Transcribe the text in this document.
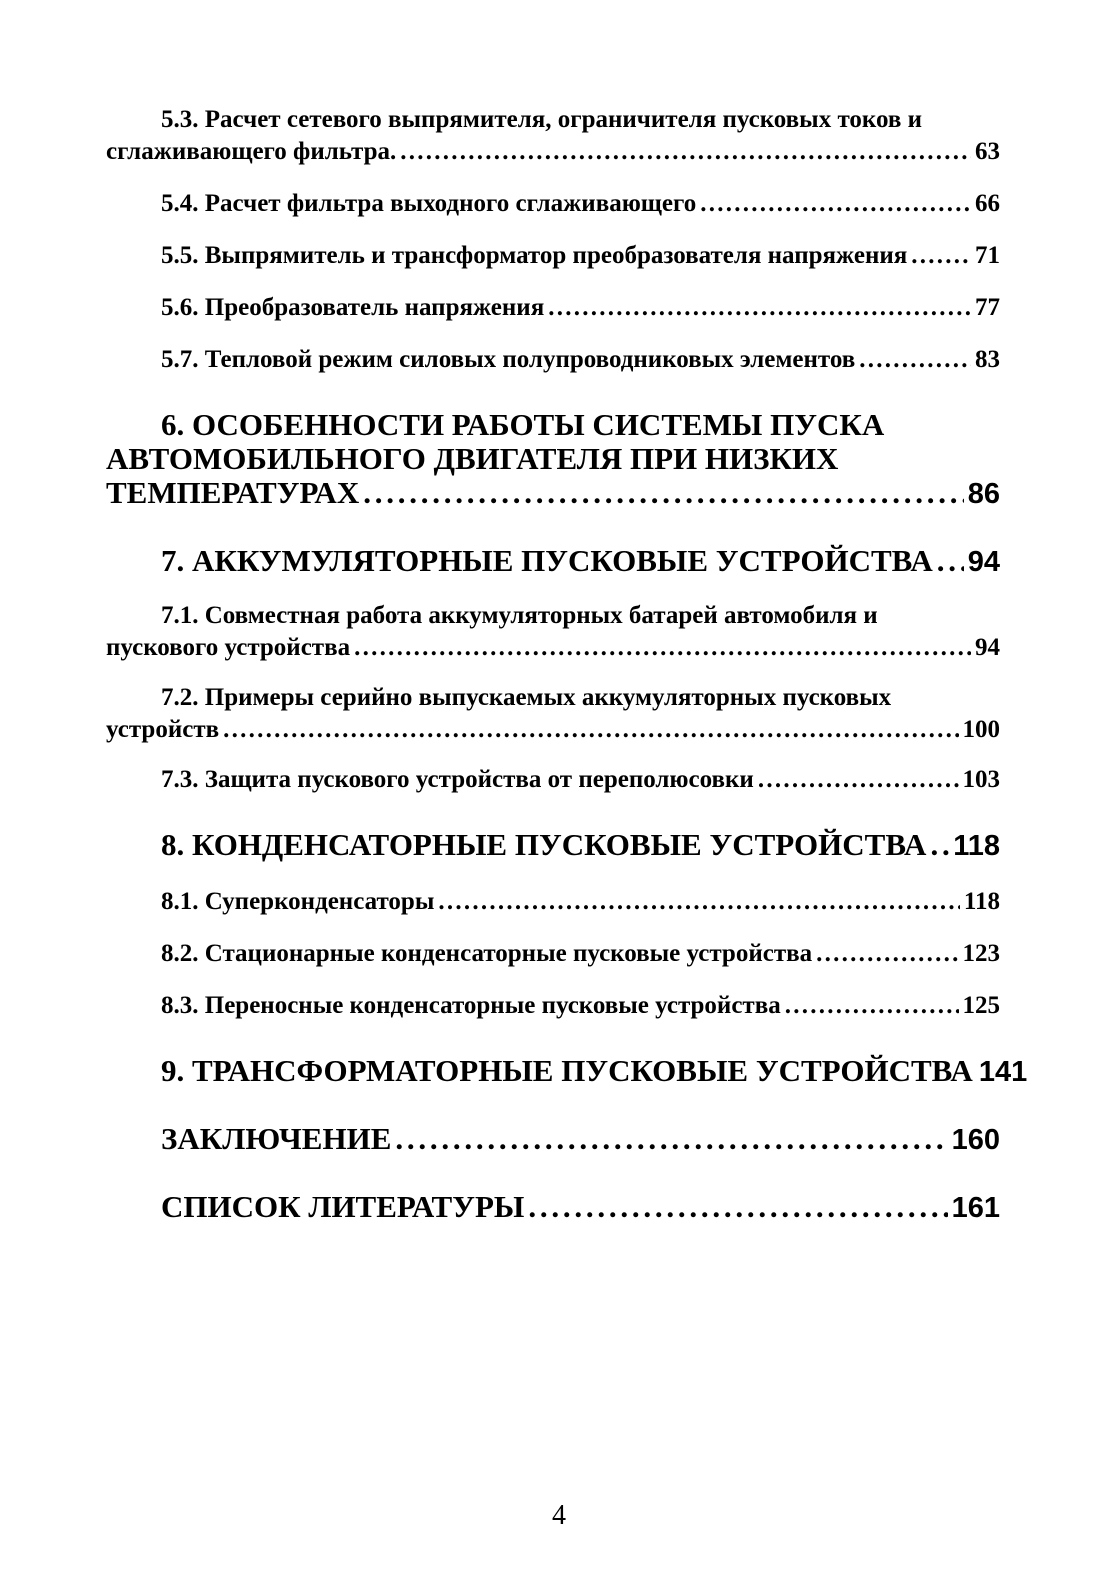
5.3. Расчет сетевого выпрямителя, ограничителя пусковых токов и
сглаживающего фильтра. . . .	63
5.4. Расчет фильтра выходного сглаживающего . . .	66
5.5. Выпрямитель и трансформатор преобразователя напряжения . . .	71
5.6. Преобразователь напряжения . . .	77
5.7. Тепловой режим силовых полупроводниковых элементов . . .	83
6. ОСОБЕННОСТИ РАБОТЫ СИСТЕМЫ ПУСКА
АВТОМОБИЛЬНОГО ДВИГАТЕЛЯ ПРИ НИЗКИХ
ТЕМПЕРАТУРАХ . . .	86
7. АККУМУЛЯТОРНЫЕ ПУСКОВЫЕ УСТРОЙСТВА . . . 94
7.1. Совместная работа аккумуляторных батарей автомобиля и
пускового устройства . . .	94
7.2. Примеры серийно выпускаемых аккумуляторных пусковых
устройств . . .	100
7.3. Защита пускового устройства от переполюсовки . . .	103
8. КОНДЕНСАТОРНЫЕ ПУСКОВЫЕ УСТРОЙСТВА . . . 118
8.1. Суперконденсаторы . . .	118
8.2. Стационарные конденсаторные пусковые устройства . . .	123
8.3. Переносные конденсаторные пусковые устройства . . .	125
9. ТРАНСФОРМАТОРНЫЕ ПУСКОВЫЕ УСТРОЙСТВА 141
ЗАКЛЮЧЕНИЕ . . .	160
СПИСОК ЛИТЕРАТУРЫ . . .	161
4
